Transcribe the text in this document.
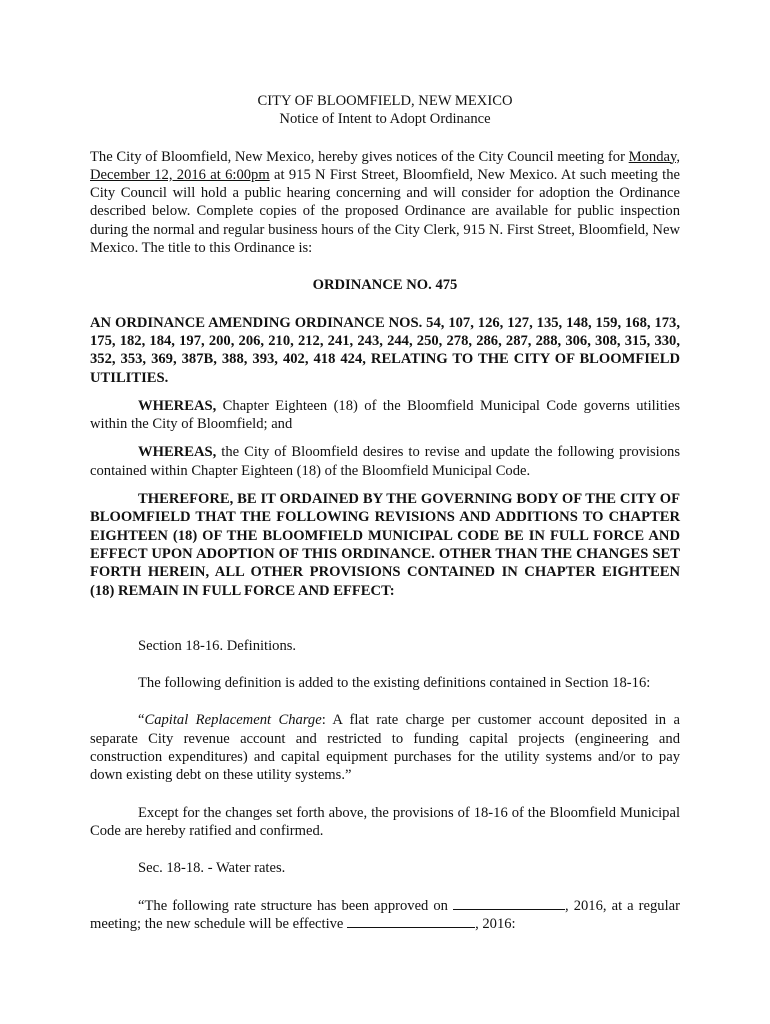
CITY OF BLOOMFIELD, NEW MEXICO
Notice of Intent to Adopt Ordinance

The City of Bloomfield, New Mexico, hereby gives notices of the City Council meeting for Monday, December 12, 2016 at 6:00pm at 915 N First Street, Bloomfield, New Mexico. At such meeting the City Council will hold a public hearing concerning and will consider for adoption the Ordinance described below. Complete copies of the proposed Ordinance are available for public inspection during the normal and regular business hours of the City Clerk, 915 N. First Street, Bloomfield, New Mexico. The title to this Ordinance is:

ORDINANCE NO. 475

AN ORDINANCE AMENDING ORDINANCE NOS. 54, 107, 126, 127, 135, 148, 159, 168, 173, 175, 182, 184, 197, 200, 206, 210, 212, 241, 243, 244, 250, 278, 286, 287, 288, 306, 308, 315, 330, 352, 353, 369, 387B, 388, 393, 402, 418 424, RELATING TO THE CITY OF BLOOMFIELD UTILITIES.

WHEREAS, Chapter Eighteen (18) of the Bloomfield Municipal Code governs utilities within the City of Bloomfield; and

WHEREAS, the City of Bloomfield desires to revise and update the following provisions contained within Chapter Eighteen (18) of the Bloomfield Municipal Code.

THEREFORE, BE IT ORDAINED BY THE GOVERNING BODY OF THE CITY OF BLOOMFIELD THAT THE FOLLOWING REVISIONS AND ADDITIONS TO CHAPTER EIGHTEEN (18) OF THE BLOOMFIELD MUNICIPAL CODE BE IN FULL FORCE AND EFFECT UPON ADOPTION OF THIS ORDINANCE. OTHER THAN THE CHANGES SET FORTH HEREIN, ALL OTHER PROVISIONS CONTAINED IN CHAPTER EIGHTEEN (18) REMAIN IN FULL FORCE AND EFFECT:

Section 18-16. Definitions.

The following definition is added to the existing definitions contained in Section 18-16:

“Capital Replacement Charge: A flat rate charge per customer account deposited in a separate City revenue account and restricted to funding capital projects (engineering and construction expenditures) and capital equipment purchases for the utility systems and/or to pay down existing debt on these utility systems.”

Except for the changes set forth above, the provisions of 18-16 of the Bloomfield Municipal Code are hereby ratified and confirmed.

Sec. 18-18. - Water rates.

“The following rate structure has been approved on	, 2016, at a regular meeting; the new schedule will be effective	, 2016:
